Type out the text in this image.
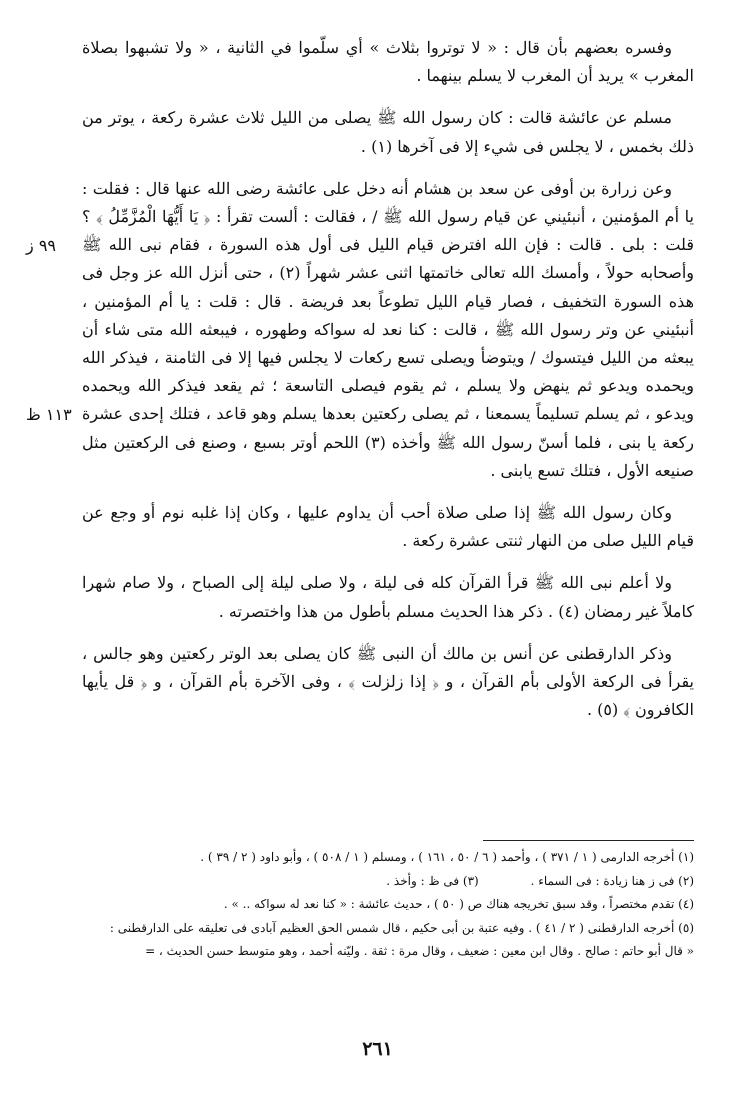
وفسره بعضهم بأن قال : « لا توتروا بثلاث » أي سلّموا في الثانية ، « ولا تشبهوا بصلاة المغرب » يريد أن المغرب لا يسلم بينهما .

مسلم عن عائشة قالت : كان رسول الله ﷺ يصلى من الليل ثلاث عشرة ركعة ، يوتر من ذلك بخمس ، لا يجلس فى شيء إلا فى آخرها (١) .

وعن زرارة بن أوفى عن سعد بن هشام أنه دخل على عائشة رضى الله عنها قال : فقلت : يا أم المؤمنين ، أنبئيني عن قيام رسول الله ﷺ / ، فقالت : ألست تقرأ : ﴿ يَا أَيُّهَا الْمُزَّمِّلُ ﴾ ؟ قلت : بلى . قالت : فإن الله افترض قيام الليل فى أول هذه السورة ، فقام نبى الله ﷺ وأصحابه حولاً ، وأمسك الله تعالى خاتمتها اثنى عشر شهراً (٢) ، حتى أنزل الله عز وجل فى هذه السورة التخفيف ، فصار قيام الليل تطوعاً بعد فريضة . قال : قلت : يا أم المؤمنين ، أنبئيني عن وتر رسول الله ﷺ ، قالت : كنا نعد له سواكه وطهوره ، فيبعثه الله متى شاء أن يبعثه من الليل فيتسوك / ويتوضأ ويصلى تسع ركعات لا يجلس فيها إلا فى الثامنة ، فيذكر الله ويحمده ويدعو ثم ينهض ولا يسلم ، ثم يقوم فيصلى التاسعة ؛ ثم يقعد فيذكر الله ويحمده ويدعو ، ثم يسلم تسليماً يسمعنا ، ثم يصلى ركعتين بعدها يسلم وهو قاعد ، فتلك إحدى عشرة ركعة يا بنى ، فلما أسنّ رسول الله ﷺ وأخذه (٣) اللحم أوتر بسبع ، وصنع فى الركعتين مثل صنيعه الأول ، فتلك تسع يابنى .

وكان رسول الله ﷺ إذا صلى صلاة أحب أن يداوم عليها ، وكان إذا غلبه نوم أو وجع عن قيام الليل صلى من النهار ثنتى عشرة ركعة .

ولا أعلم نبى الله ﷺ قرأ القرآن كله فى ليلة ، ولا صلى ليلة إلى الصباح ، ولا صام شهرا كاملاً غير رمضان (٤) . ذكر هذا الحديث مسلم بأطول من هذا واختصرته .

وذكر الدارقطنى عن أنس بن مالك أن النبى ﷺ كان يصلى بعد الوتر ركعتين وهو جالس ، يقرأ فى الركعة الأولى بأم القرآن ، و ﴿ إذا زلزلت ﴾ ، وفى الآخرة بأم القرآن ، و ﴿ قل يأيها الكافرون ﴾ (٥) .

٩٩ ز
١١٣ ظ

(١) أخرجه الدارمى ( ١ / ٣٧١ ) ، وأحمد ( ٦ / ٥٠ ، ١٦١ ) ، ومسلم ( ١ / ٥٠٨ ) ، وأبو داود ( ٢ / ٣٩ ) .

(٢) فى ز هنا زيادة : فى السماء . (٣) فى ظ : وأخذ .

(٤) تقدم مختصراً ، وقد سبق تخريجه هناك ص ( ٥٠ ) ، حديث عائشة : « كنا نعد له سواكه .. » .

(٥) أخرجه الدارقطنى ( ٢ / ٤١ ) . وفيه عتبة بن أبى حكيم ، قال شمس الحق العظيم آبادى فى تعليقه على الدارقطنى :

« قال أبو حاتم : صالح . وقال ابن معين : ضعيف ، وقال مرة : ثقة . وليّنه أحمد ، وهو متوسط حسن الحديث ، =

٢٦١
